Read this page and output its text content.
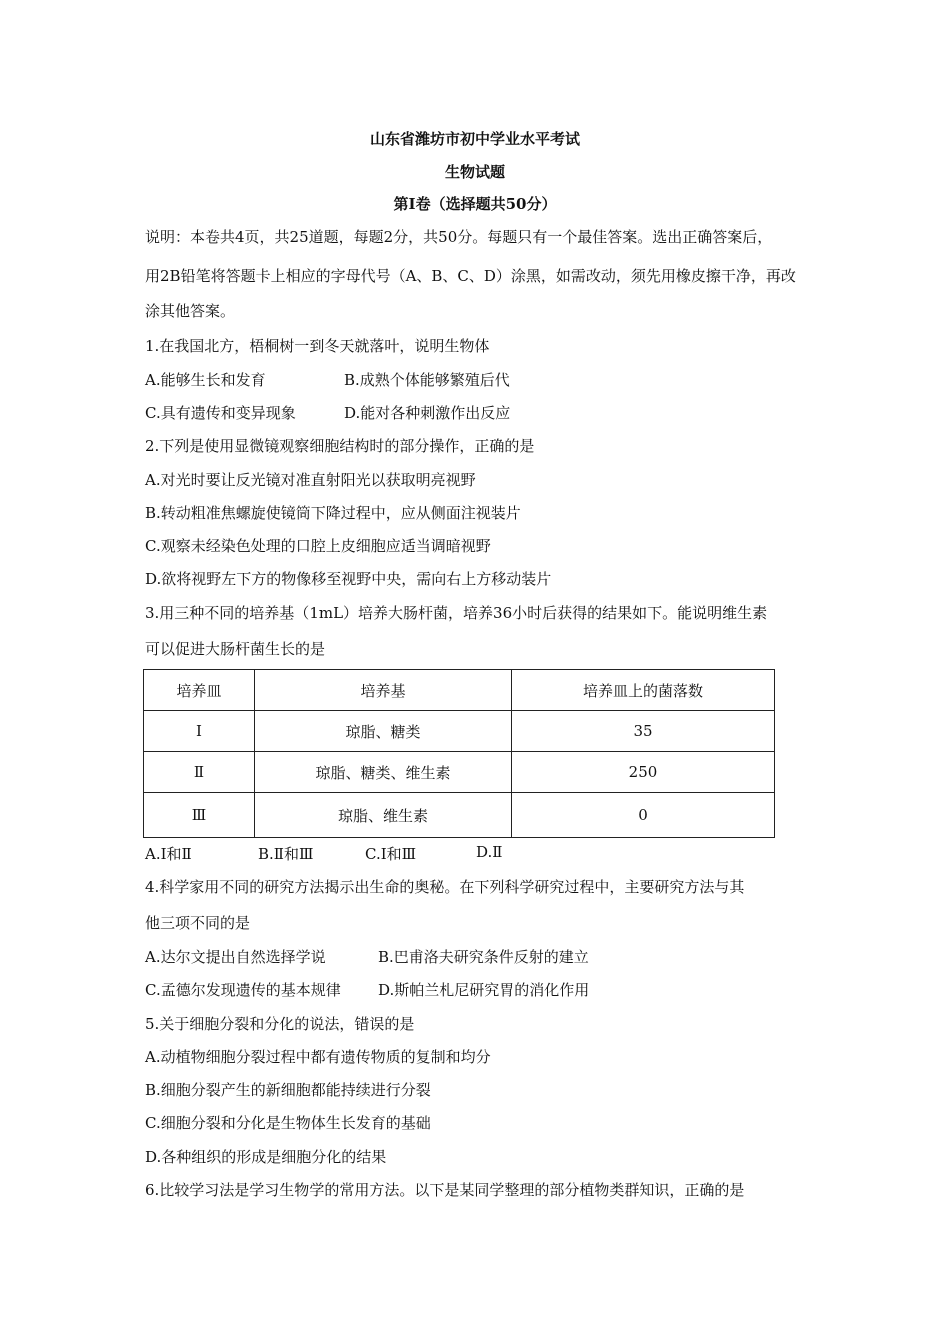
山东省潍坊市初中学业水平考试
生物试题
第Ⅰ卷（选择题共50分）
说明：本卷共4页，共25道题，每题2分，共50分。每题只有一个最佳答案。选出正确答案后，
用2B铅笔将答题卡上相应的字母代号（A、B、C、D）涂黑，如需改动，须先用橡皮擦干净，再改
涂其他答案。
1.在我国北方，梧桐树一到冬天就落叶，说明生物体
A.能够生长和发育	B.成熟个体能够繁殖后代
C.具有遗传和变异现象	D.能对各种刺激作出反应
2.下列是使用显微镜观察细胞结构时的部分操作，正确的是
A.对光时要让反光镜对准直射阳光以获取明亮视野
B.转动粗准焦螺旋使镜筒下降过程中，应从侧面注视装片
C.观察未经染色处理的口腔上皮细胞应适当调暗视野
D.欲将视野左下方的物像移至视野中央，需向右上方移动装片
3.用三种不同的培养基（1mL）培养大肠杆菌，培养36小时后获得的结果如下。能说明维生素
可以促进大肠杆菌生长的是
培养皿	培养基	培养皿上的菌落数
Ⅰ	琼脂、糖类	35
Ⅱ	琼脂、糖类、维生素	250
Ⅲ	琼脂、维生素	0
A.Ⅰ和Ⅱ	B.Ⅱ和Ⅲ	C.Ⅰ和Ⅲ	D.Ⅱ
4.科学家用不同的研究方法揭示出生命的奥秘。在下列科学研究过程中，主要研究方法与其
他三项不同的是
A.达尔文提出自然选择学说	B.巴甫洛夫研究条件反射的建立
C.孟德尔发现遗传的基本规律 D.斯帕兰札尼研究胃的消化作用
5.关于细胞分裂和分化的说法，错误的是
A.动植物细胞分裂过程中都有遗传物质的复制和均分
B.细胞分裂产生的新细胞都能持续进行分裂
C.细胞分裂和分化是生物体生长发育的基础
D.各种组织的形成是细胞分化的结果
6.比较学习法是学习生物学的常用方法。以下是某同学整理的部分植物类群知识，正确的是
